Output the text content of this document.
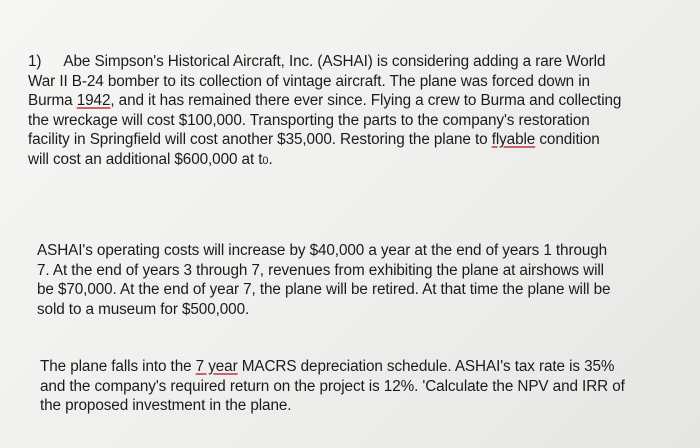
1) Abe Simpson's Historical Aircraft, Inc. (ASHAI) is considering adding a rare World
War II B-24 bomber to its collection of vintage aircraft. The plane was forced down in
Burma 1942, and it has remained there ever since. Flying a crew to Burma and collecting
the wreckage will cost $100,000. Transporting the parts to the company's restoration
facility in Springfield will cost another $35,000. Restoring the plane to flyable condition
will cost an additional $600,000 at t0.

ASHAI's operating costs will increase by $40,000 a year at the end of years 1 through
7. At the end of years 3 through 7, revenues from exhibiting the plane at airshows will
be $70,000. At the end of year 7, the plane will be retired. At that time the plane will be
sold to a museum for $500,000.

The plane falls into the 7 year MACRS depreciation schedule. ASHAI's tax rate is 35%
and the company's required return on the project is 12%. 'Calculate the NPV and IRR of
the proposed investment in the plane.
